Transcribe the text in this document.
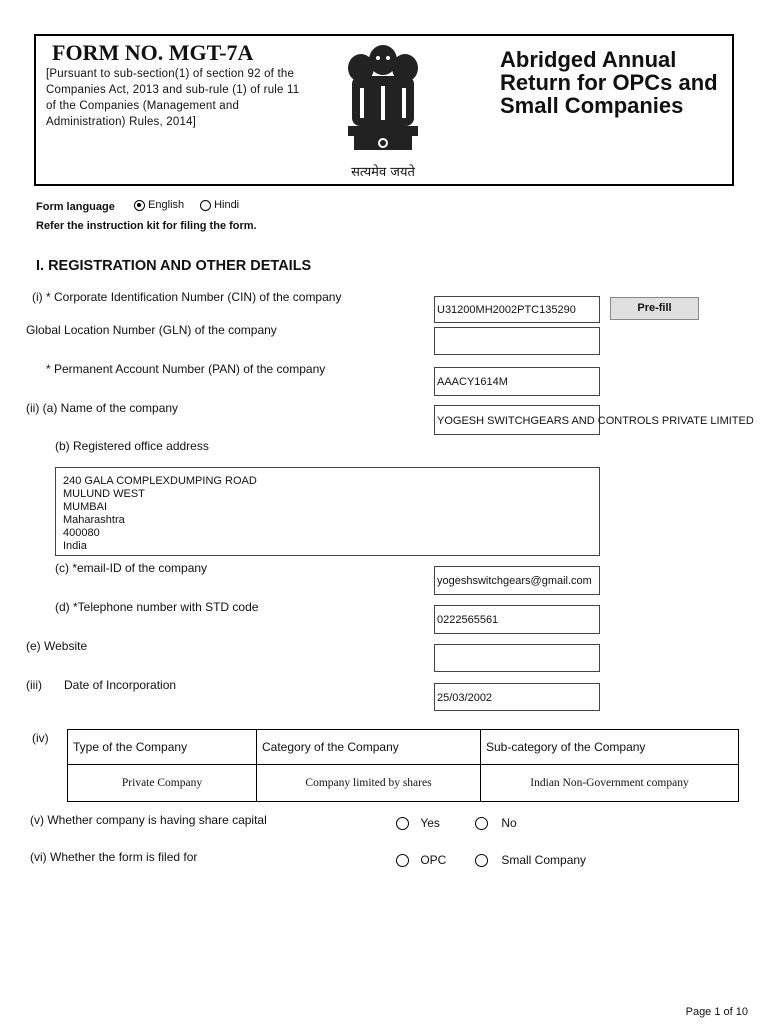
FORM NO. MGT-7A
[Pursuant to sub-section(1) of section 92 of the Companies Act, 2013 and sub-rule (1) of rule 11 of the Companies (Management and Administration) Rules, 2014]
सत्यमेव जयते
Abridged Annual Return for OPCs and Small Companies
Form language	English	Hindi
Refer the instruction kit for filing the form.
I. REGISTRATION AND OTHER DETAILS
(i) * Corporate Identification Number (CIN) of the company
U31200MH2002PTC135290	Pre-fill
Global Location Number (GLN) of the company
* Permanent Account Number (PAN) of the company
AAACY1614M
(ii) (a) Name of the company
YOGESH SWITCHGEARS AND CONTROLS PRIVATE LIMITED
(b) Registered office address
240 GALA COMPLEXDUMPING ROAD
MULUND WEST
MUMBAI
Maharashtra
400080
India
(c) *email-ID of the company
yogeshswitchgears@gmail.com
(d) *Telephone number with STD code
0222565561
(e) Website
(iii) Date of Incorporation
25/03/2002
(iv)
Type of the Company	Category of the Company	Sub-category of the Company
Private Company	Company limited by shares	Indian Non-Government company
(v) Whether company is having share capital	Yes	No
(vi) Whether the form is filed for	OPC	Small Company
Page 1 of 10
